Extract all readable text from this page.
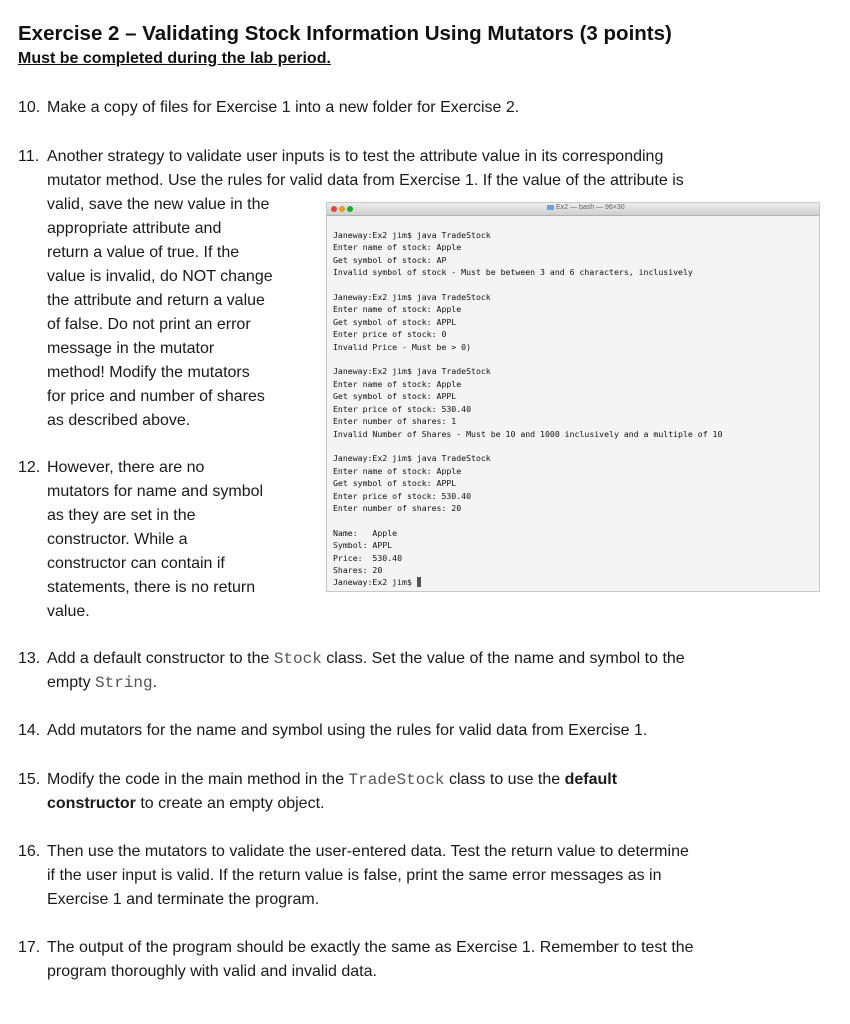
Exercise 2 – Validating Stock Information Using Mutators (3 points)
Must be completed during the lab period.
10. Make a copy of files for Exercise 1 into a new folder for Exercise 2.
11. Another strategy to validate user inputs is to test the attribute value in its corresponding
mutator method. Use the rules for valid data from Exercise 1. If the value of the attribute is
valid, save the new value in the
appropriate attribute and
return a value of true. If the
value is invalid, do NOT change
the attribute and return a value
of false. Do not print an error
message in the mutator
method! Modify the mutators
for price and number of shares
as described above.
12. However, there are no
mutators for name and symbol
as they are set in the
constructor. While a
constructor can contain if
statements, there is no return
value.
Ex2 — bash — 96×30
Janeway:Ex2 jim$ java TradeStock
Enter name of stock: Apple
Get symbol of stock: AP
Invalid symbol of stock - Must be between 3 and 6 characters, inclusively

Janeway:Ex2 jim$ java TradeStock
Enter name of stock: Apple
Get symbol of stock: APPL
Enter price of stock: 0
Invalid Price - Must be > 0)

Janeway:Ex2 jim$ java TradeStock
Enter name of stock: Apple
Get symbol of stock: APPL
Enter price of stock: 530.40
Enter number of shares: 1
Invalid Number of Shares - Must be 10 and 1000 inclusively and a multiple of 10

Janeway:Ex2 jim$ java TradeStock
Enter name of stock: Apple
Get symbol of stock: APPL
Enter price of stock: 530.40
Enter number of shares: 20

Name:   Apple
Symbol: APPL
Price:  530.40
Shares: 20
Janeway:Ex2 jim$
13. Add a default constructor to the Stock class. Set the value of the name and symbol to the
empty String.
14. Add mutators for the name and symbol using the rules for valid data from Exercise 1.
15. Modify the code in the main method in the TradeStock class to use the default
constructor to create an empty object.
16. Then use the mutators to validate the user-entered data. Test the return value to determine
if the user input is valid. If the return value is false, print the same error messages as in
Exercise 1 and terminate the program.
17. The output of the program should be exactly the same as Exercise 1. Remember to test the
program thoroughly with valid and invalid data.
